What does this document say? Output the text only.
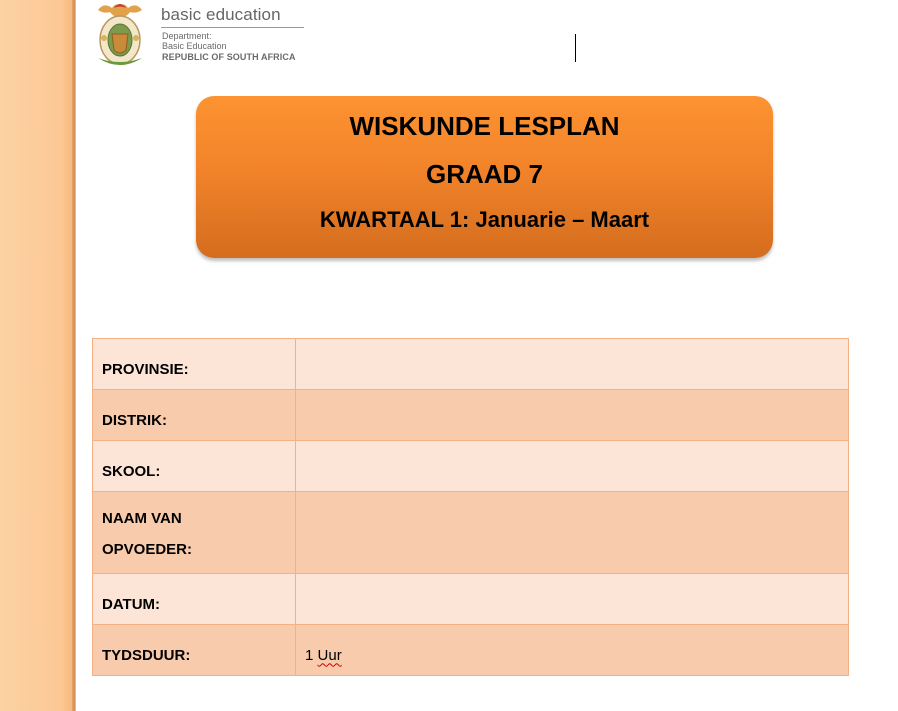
basic education
Department:
Basic Education
REPUBLIC OF SOUTH AFRICA
WISKUNDE LESPLAN
GRAAD 7
KWARTAAL 1: Januarie – Maart
PROVINSIE:	
DISTRIK:	
SKOOL:	
NAAM VAN
OPVOEDER:	
DATUM:	
TYDSDUUR:	1 Uur
